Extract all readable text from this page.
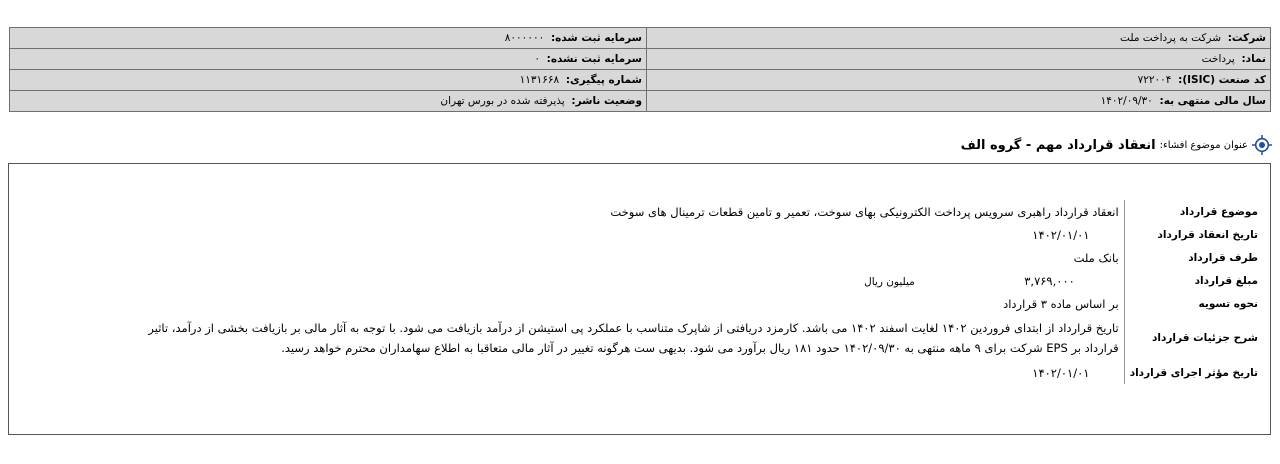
شرکت:  شرکت به پرداخت ملت	سرمایه ثبت شده:  ۸۰۰۰۰۰۰
نماد:  پرداخت	سرمایه ثبت نشده:  ۰
کد صنعت (ISIC):  ۷۲۲۰۰۴	شماره پیگیری:  ۱۱۳۱۶۶۸
سال مالی منتهی به:  ۱۴۰۲/۰۹/۳۰	وضعیت ناشر:  پذیرفته شده در بورس تهران
عنوان موضوع افشاء:
انعقاد قرارداد مهم - گروه الف
موضوع قرارداد	انعقاد قرارداد راهبری سرویس پرداخت الکترونیکی بهای سوخت، تعمیر و تامین قطعات ترمینال های سوخت
تاریخ انعقاد قرارداد	۱۴۰۲/۰۱/۰۱
طرف قرارداد	بانک ملت
مبلغ قرارداد	۳,۷۶۹,۰۰۰میلیون ریال
نحوه تسویه	بر اساس ماده ۳ قرارداد
شرح جزئیات قرارداد	تاریخ قرارداد از ابتدای فروردین ۱۴۰۲ لغایت اسفند ۱۴۰۲ می باشد. کارمزد دریافتی از شاپرک متناسب با عملکرد پی استیشن از درآمد بازیافت می شود. با توجه به آثار مالی بر بازیافت بخشی از درآمد، تاثیر
قرارداد بر EPS شرکت برای ۹ ماهه منتهی به ۱۴۰۲/۰۹/۳۰ حدود ۱۸۱ ریال برآورد می شود. بدیهی ست هرگونه تغییر در آثار مالی متعاقبا به اطلاع سهامداران محترم خواهد رسید.

تاریخ مؤثر اجرای قرارداد	۱۴۰۲/۰۱/۰۱
